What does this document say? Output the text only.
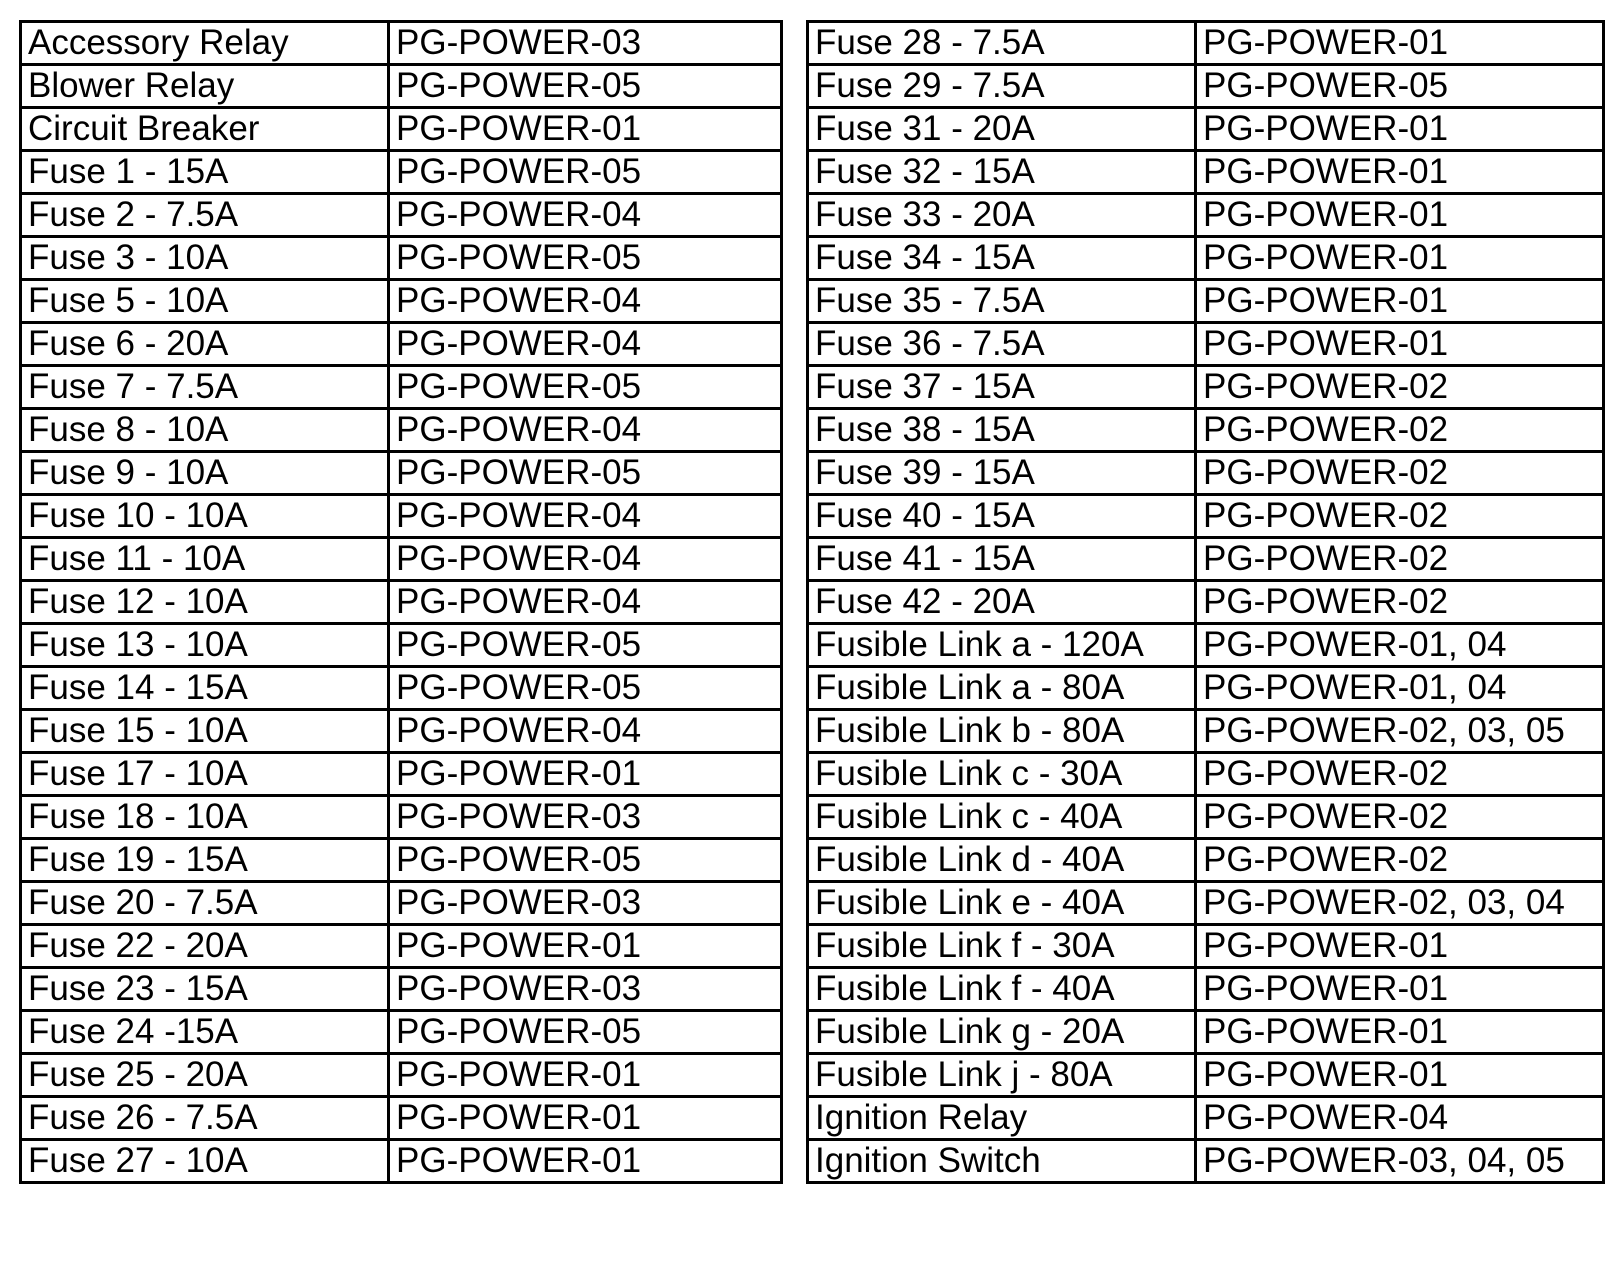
Accessory Relay	PG-POWER-03
Blower Relay	PG-POWER-05
Circuit Breaker	PG-POWER-01
Fuse 1 - 15A	PG-POWER-05
Fuse 2 - 7.5A	PG-POWER-04
Fuse 3 - 10A	PG-POWER-05
Fuse 5 - 10A	PG-POWER-04
Fuse 6 - 20A	PG-POWER-04
Fuse 7 - 7.5A	PG-POWER-05
Fuse 8 - 10A	PG-POWER-04
Fuse 9 - 10A	PG-POWER-05
Fuse 10 - 10A	PG-POWER-04
Fuse 11 - 10A	PG-POWER-04
Fuse 12 - 10A	PG-POWER-04
Fuse 13 - 10A	PG-POWER-05
Fuse 14 - 15A	PG-POWER-05
Fuse 15 - 10A	PG-POWER-04
Fuse 17 - 10A	PG-POWER-01
Fuse 18 - 10A	PG-POWER-03
Fuse 19 - 15A	PG-POWER-05
Fuse 20 - 7.5A	PG-POWER-03
Fuse 22 - 20A	PG-POWER-01
Fuse 23 - 15A	PG-POWER-03
Fuse 24 -15A	PG-POWER-05
Fuse 25 - 20A	PG-POWER-01
Fuse 26 - 7.5A	PG-POWER-01
Fuse 27 - 10A	PG-POWER-01
Fuse 28 - 7.5A	PG-POWER-01
Fuse 29 - 7.5A	PG-POWER-05
Fuse 31 - 20A	PG-POWER-01
Fuse 32 - 15A	PG-POWER-01
Fuse 33 - 20A	PG-POWER-01
Fuse 34 - 15A	PG-POWER-01
Fuse 35 - 7.5A	PG-POWER-01
Fuse 36 - 7.5A	PG-POWER-01
Fuse 37 - 15A	PG-POWER-02
Fuse 38 - 15A	PG-POWER-02
Fuse 39 - 15A	PG-POWER-02
Fuse 40 - 15A	PG-POWER-02
Fuse 41 - 15A	PG-POWER-02
Fuse 42 - 20A	PG-POWER-02
Fusible Link a - 120A	PG-POWER-01, 04
Fusible Link a - 80A	PG-POWER-01, 04
Fusible Link b - 80A	PG-POWER-02, 03, 05
Fusible Link c - 30A	PG-POWER-02
Fusible Link c - 40A	PG-POWER-02
Fusible Link d - 40A	PG-POWER-02
Fusible Link e - 40A	PG-POWER-02, 03, 04
Fusible Link f - 30A	PG-POWER-01
Fusible Link f - 40A	PG-POWER-01
Fusible Link g - 20A	PG-POWER-01
Fusible Link j - 80A	PG-POWER-01
Ignition Relay	PG-POWER-04
Ignition Switch	PG-POWER-03, 04, 05
